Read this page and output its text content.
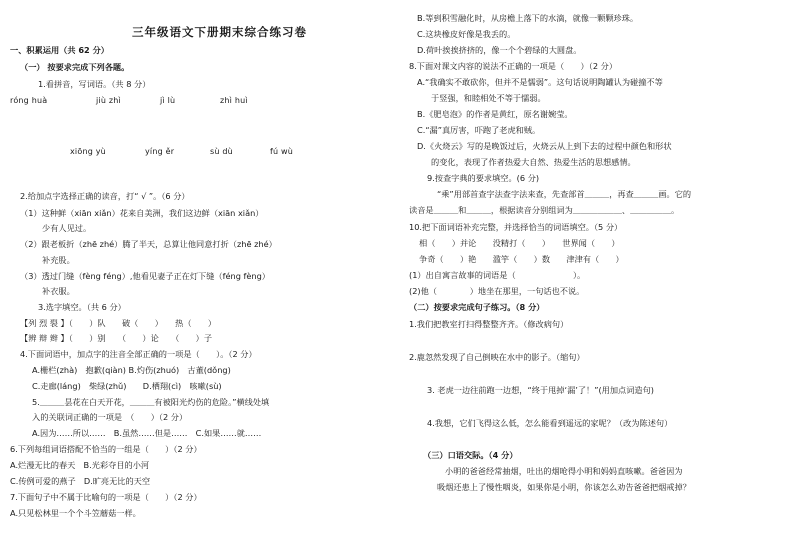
三年级语文下册期末综合练习卷
一、积累运用（共 62 分）
（一） 按要求完成下列各题。
1.看拼音，写词语。（共 8 分）
róng huà	jiù zhì	jì lù	zhì huì
xiōng yù	yíng ěr	sù dù	fú wù
2.给加点字选择正确的读音，打“ √ ”。（6 分）
（1）这种鲜（xiān xiǎn）花来自美洲，我们这边鲜（xiān xiǎn）
少有人见过。
（2）跟老板折（zhē zhé）腾了半天，总算让他同意打折（zhē zhé）
补充股。
（3）透过门缝（fèng féng）,他看见妻子正在灯下缝（féng fèng）
补衣服。
3.选字填空。（共 6 分）
【列 烈 裂 】（　　）队　　破（　　）　　热（　　）
【辨 辩 辫 】（　　）别　　（　　）论　　（　　）子
4.下面词语中，加点字的注音全部正确的一项是（　　）。（2 分）
A.栅栏(zhà)　抱歉(qiàn) B.灼伤(zhuó)　古董(dǒng)
C.走廊(láng)　柴绿(zhǔ)　　D.栖翔(cì)　咳嗽(sù)
5.＿＿＿昙花在白天开花，＿＿＿有被阳光灼伤的危险。”横线处填
入的关联词正确的一项是　（　　）（2 分）
A.因为……所以……　B.虽然……但是……　C.如果……就……
6.下列每组词语搭配不恰当的一组是（　　）（2 分）
A.烂漫无比的春天　B.光彩夺目的小河
C.传例可爱的燕子　D.旷亮无比的天空
7.下面句子中不属于比喻句的一项是（　　）（2 分）
A.只见松林里一个个斗笠蘑菇一样。
B.等到积雪融化时，从房檐上落下的水滴，就像一颗颗珍珠。
C.这块橡皮好像是我丢的。
D.荷叶挨挨挤挤的，像一个个碧绿的大圆盘。
8.下面对课文内容的说法不正确的一项是（　　）（2 分）
A.“我确实不敢砍你，但并不是懦弱”。这句话说明陶罐认为碰撞不等
于竖强，和睦相处不等于懦弱。
B.《肥皂泡》的作者是黄红，原名谢婉莹。
C.“漏”真厉害，吓跑了老虎和贼。
D.《火烧云》写的是晚饭过后，火烧云从上到下去的过程中颜色和形状
的变化，表现了作者热爱大自然、热爱生活的思想感情。
9.按查字典的要求填空。(6 分)
“乘”用部首查字法查字法来查，先查部首＿＿＿，再查＿＿＿画。它的
读音是＿＿＿和＿＿＿，根据读音分别组词为＿＿＿＿＿＿、＿＿＿＿＿。
10.把下面词语补充完整，并选择恰当的词语填空。（5 分）
相（　　）并论　　没精打（　　）　　世界闻（　　）
争奇（　　）艳　　滥竽（　　）数　　津津有（　　）
(1）出自寓言故事的词语是（　　　　　　　）。
(2)他（　　　　）地坐在那里，一句话也不说。
（二）按要求完成句子练习。（8 分）
1.我们把教室打扫得整整齐齐。（修改病句）
2.鹿忽然发现了自己倒映在水中的影子。（缩句）
3. 老虎一边往前跑一边想，“终于甩掉‘漏’了！”(用加点词造句)
4.我想，它们飞得这么低，怎么能看到遥远的家呢？（改为陈述句）
（三）口语交际。（4 分）
小明的爸爸经常抽烟，吐出的烟呛得小明和妈妈直咳嗽。爸爸因为
吸烟还患上了慢性咽炎，如果你是小明，你该怎么劝告爸爸把烟戒掉？
